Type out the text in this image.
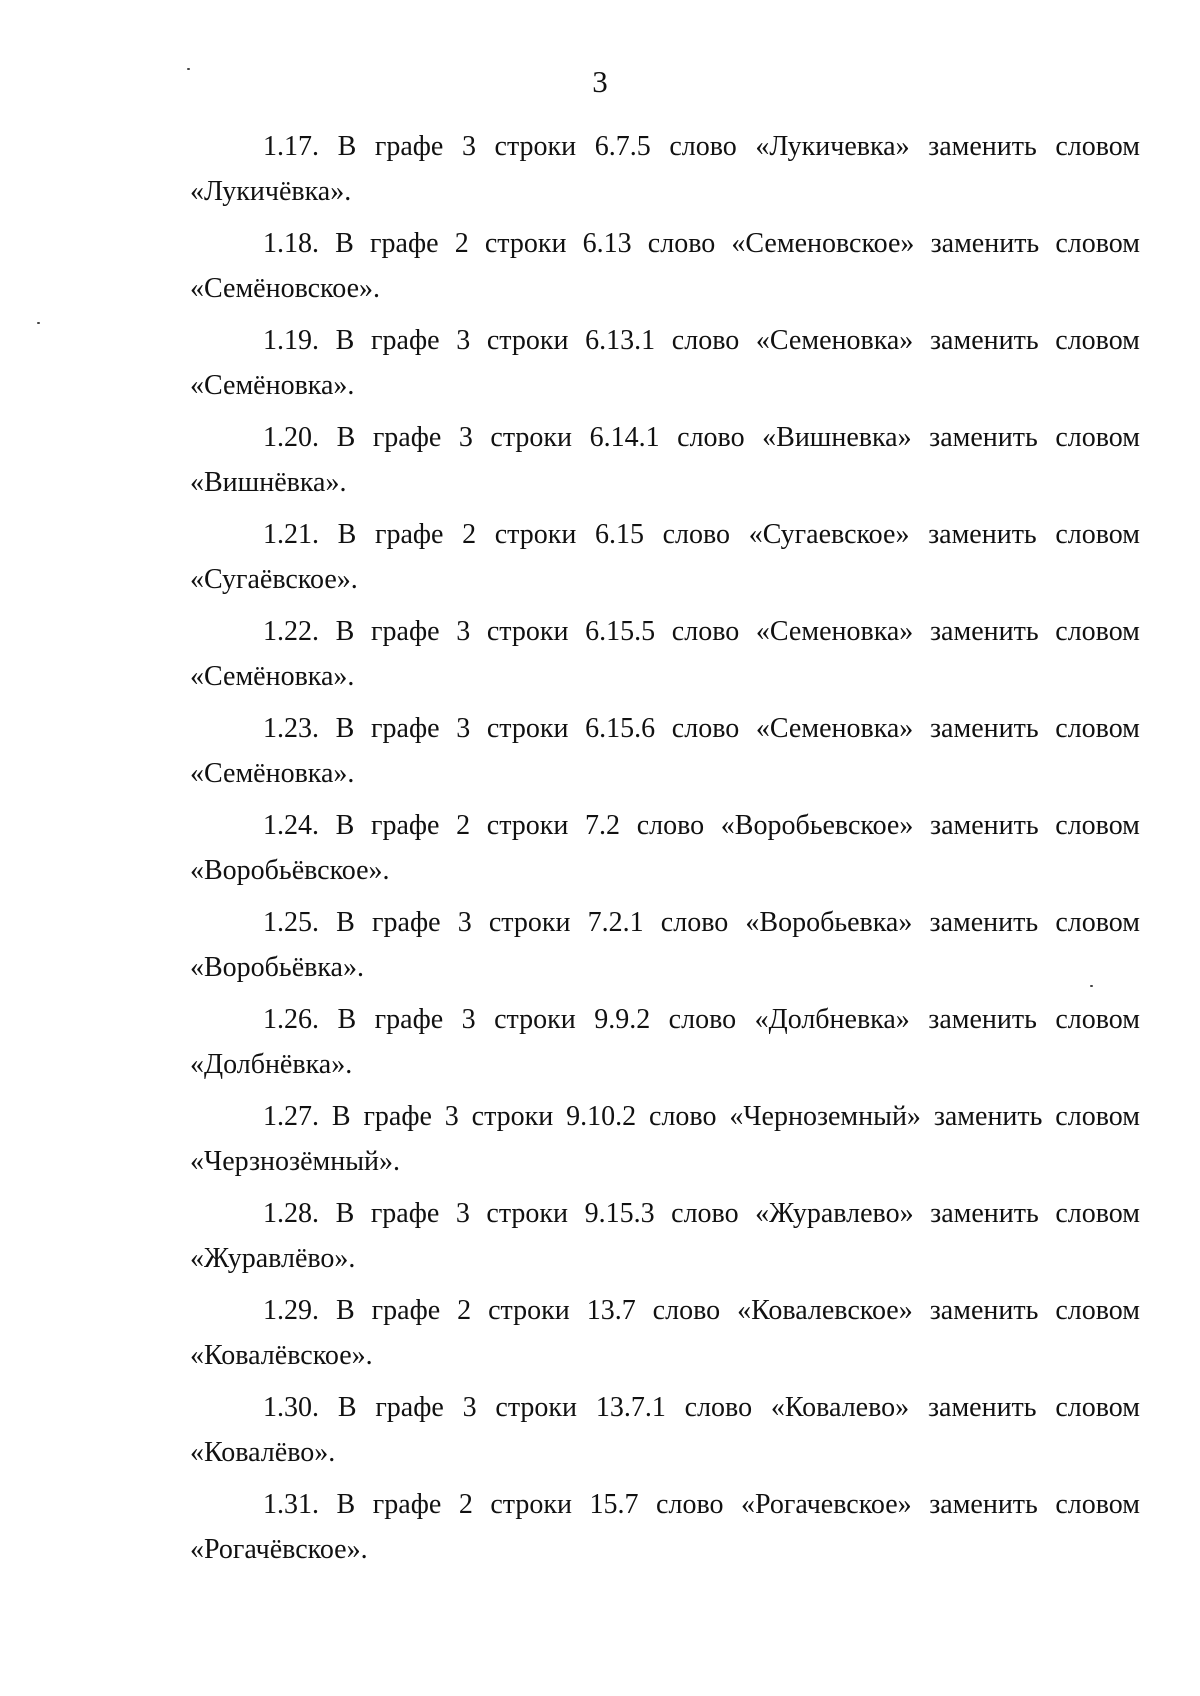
3
1.17. В графе 3 строки 6.7.5 слово «Лукичевка» заменить словом
«Лукичёвка».
1.18. В графе 2 строки 6.13 слово «Семеновское» заменить словом
«Семёновское».
1.19. В графе 3 строки 6.13.1 слово «Семеновка» заменить словом
«Семёновка».
1.20. В графе 3 строки 6.14.1 слово «Вишневка» заменить словом
«Вишнёвка».
1.21. В графе 2 строки 6.15 слово «Сугаевское» заменить словом
«Сугаёвское».
1.22. В графе 3 строки 6.15.5 слово «Семеновка» заменить словом
«Семёновка».
1.23. В графе 3 строки 6.15.6 слово «Семеновка» заменить словом
«Семёновка».
1.24. В графе 2 строки 7.2 слово «Воробьевское» заменить словом
«Воробьёвское».
1.25. В графе 3 строки 7.2.1 слово «Воробьевка» заменить словом
«Воробьёвка».
1.26. В графе 3 строки 9.9.2 слово «Долбневка» заменить словом
«Долбнёвка».
1.27. В графе 3 строки 9.10.2 слово «Черноземный» заменить словом
«Черзнозёмный».
1.28. В графе 3 строки 9.15.3 слово «Журавлево» заменить словом
«Журавлёво».
1.29. В графе 2 строки 13.7 слово «Ковалевское» заменить словом
«Ковалёвское».
1.30. В графе 3 строки 13.7.1 слово «Ковалево» заменить словом
«Ковалёво».
1.31. В графе 2 строки 15.7 слово «Рогачевское» заменить словом
«Рогачёвское».
